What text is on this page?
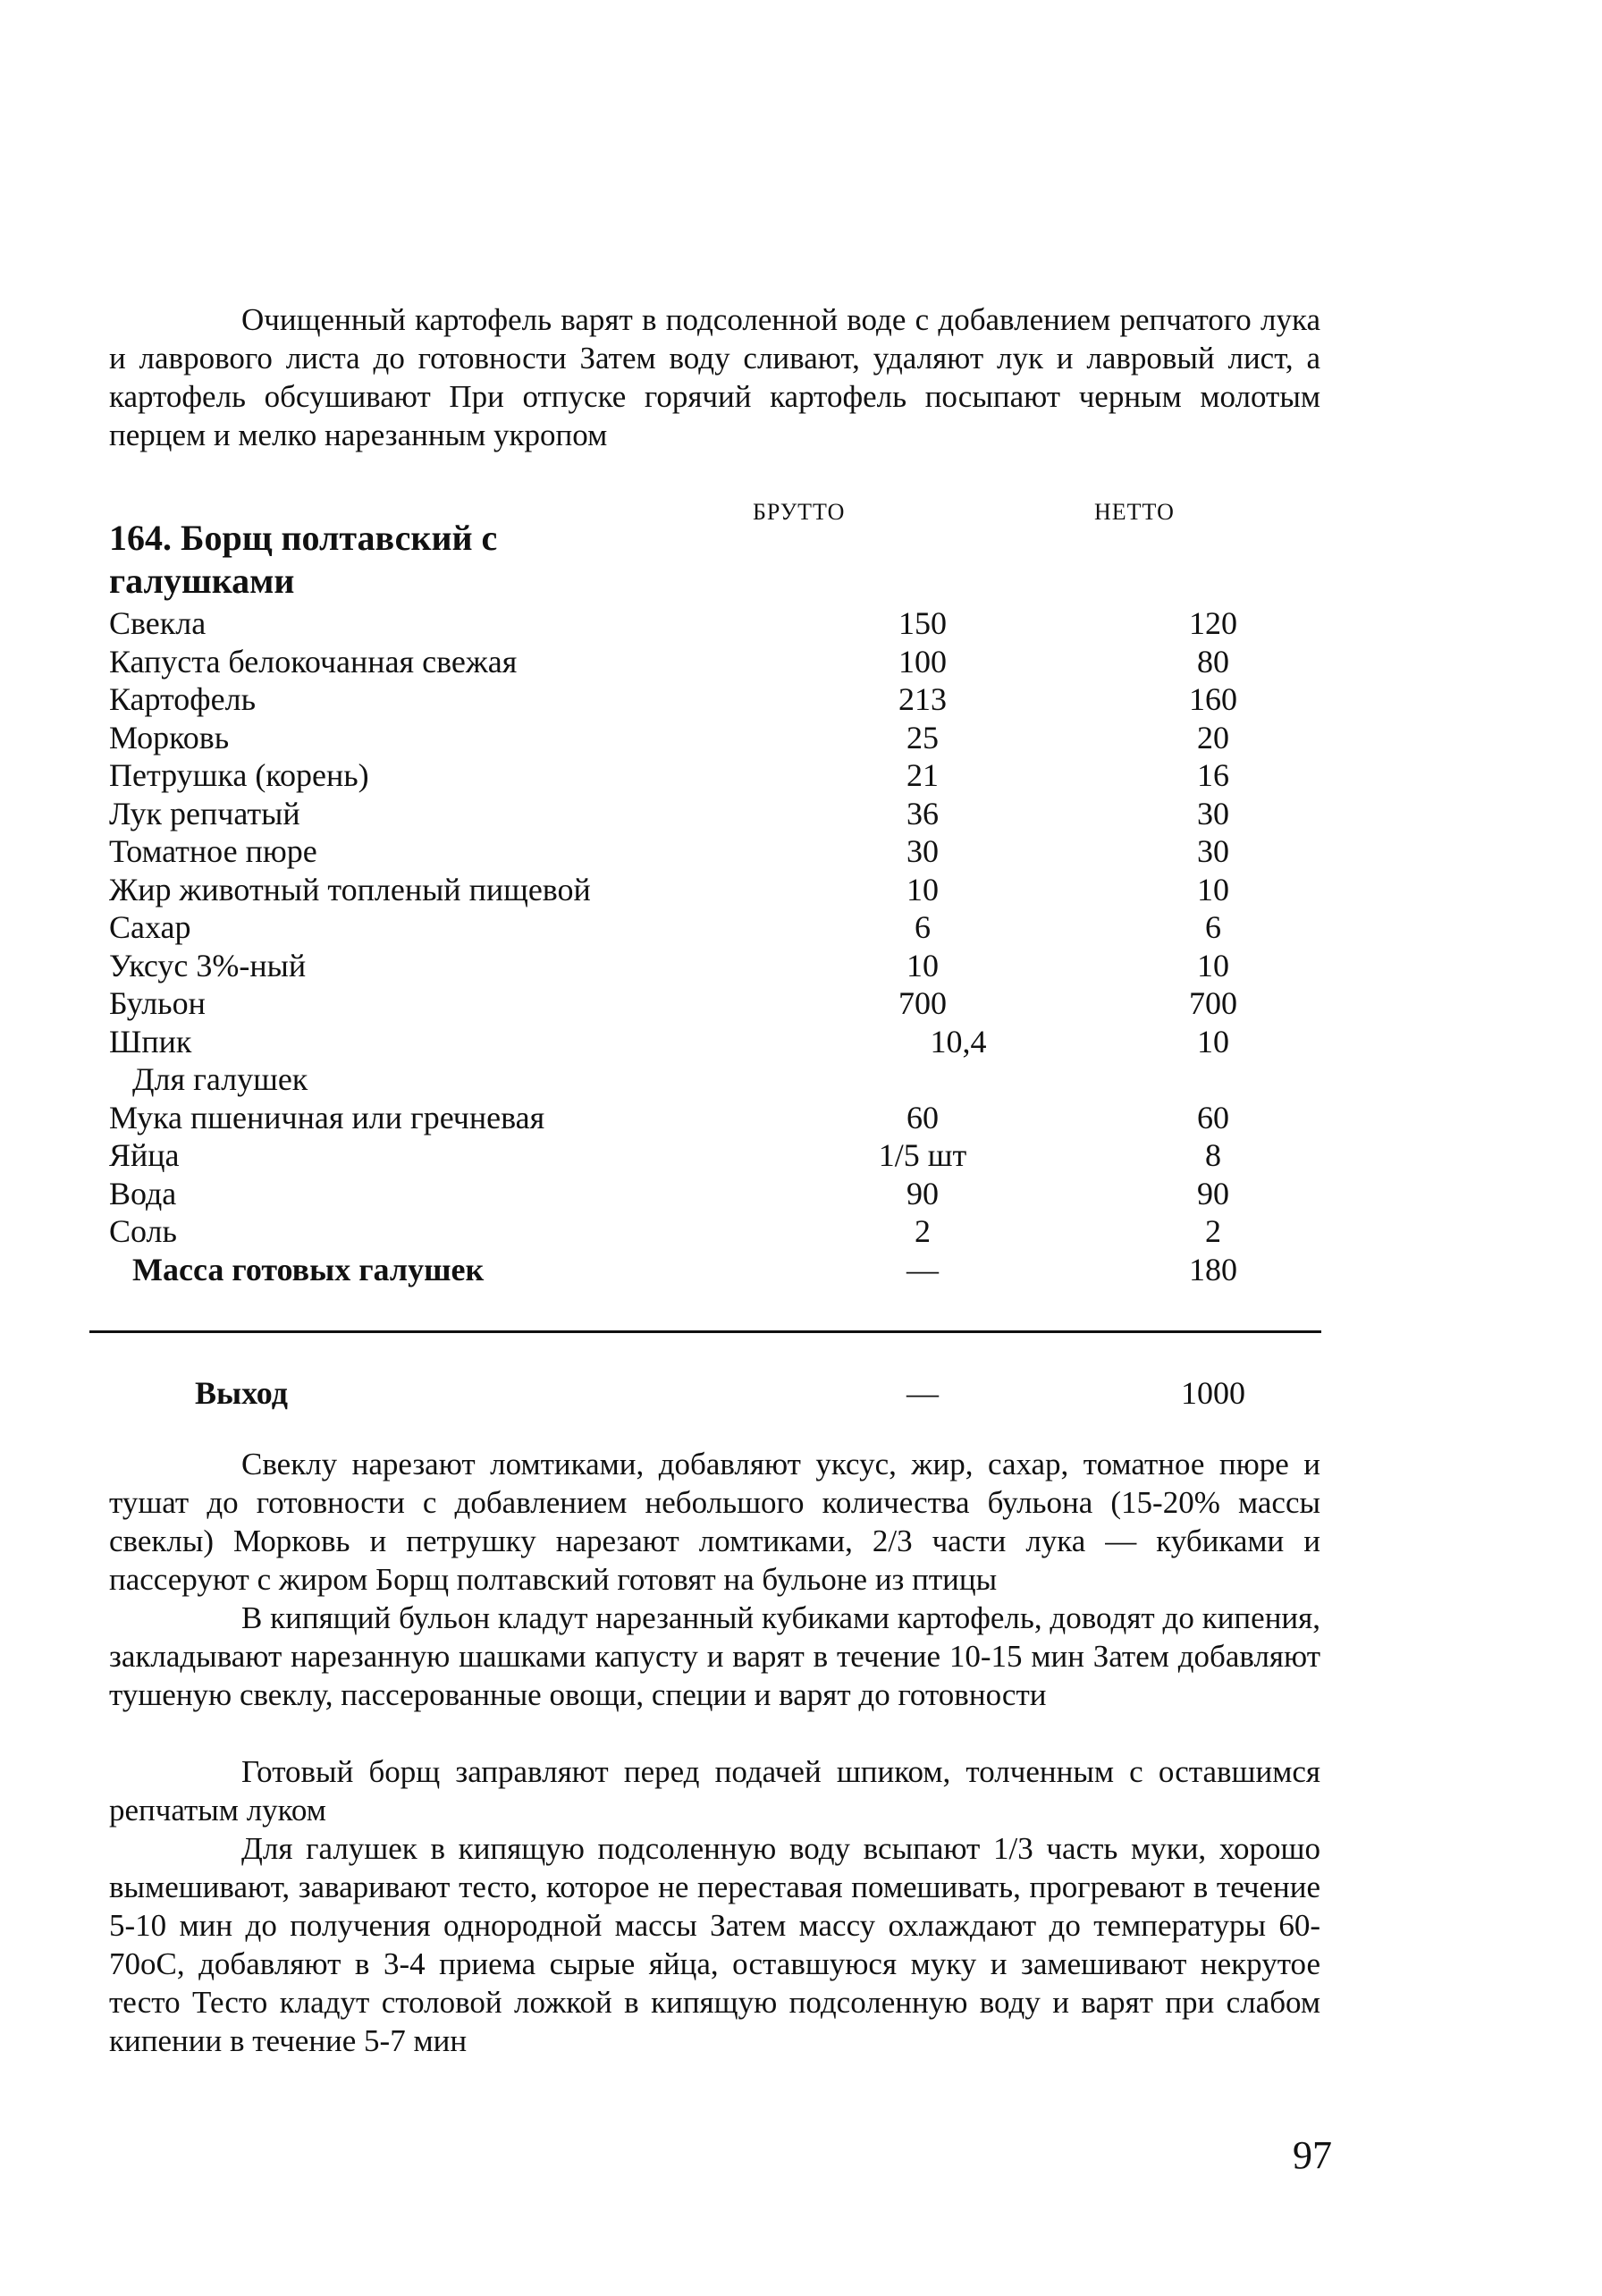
Очищенный картофель варят в подсоленной воде с добавлением репчатого лука и лаврового листа до готовности Затем воду сливают, удаляют лук и лавровый лист, а картофель обсушивают При отпуске горячий картофель посыпают черным молотым перцем и мелко нарезанным укропом

БРУТТО	НЕТТО
164. Борщ полтавский с галушками
Свекла	150	120
Капуста белокочанная свежая	100	80
Картофель	213	160
Морковь	25	20
Петрушка (корень)	21	16
Лук репчатый	36	30
Томатное пюре	30	30
Жир животный топленый пищевой	10	10
Сахар	6	6
Уксус 3%-ный	10	10
Бульон	700	700
Шпик	10,4	10
Для галушек
Мука пшеничная или гречневая	60	60
Яйца	1/5 шт	8
Вода	90	90
Соль	2	2
Масса готовых галушек	—	180
Выход	—	1000

Свеклу нарезают ломтиками, добавляют уксус, жир, сахар, томатное пюре и тушат до готовности с добавлением небольшого количества бульона (15-20% массы свеклы) Морковь и петрушку нарезают ломтиками, 2/3 части лука — кубиками и пассеруют с жиром Борщ полтавский готовят на бульоне из птицы

В кипящий бульон кладут нарезанный кубиками картофель, доводят до кипения, закладывают нарезанную шашками капусту и варят в течение 10-15 мин Затем добавляют тушеную свеклу, пассерованные овощи, специи и варят до готовности

Готовый борщ заправляют перед подачей шпиком, толченным с оставшимся репчатым луком

Для галушек в кипящую подсоленную воду всыпают 1/3 часть муки, хорошо вымешивают, заваривают тесто, которое не переставая помешивать, прогревают в течение 5-10 мин до получения однородной массы Затем массу охлаждают до температуры 60-70оС, добавляют в 3-4 приема сырые яйца, оставшуюся муку и замешивают некрутое тесто Тесто кладут столовой ложкой в кипящую подсоленную воду и варят при слабом кипении в течение 5-7 мин

97
